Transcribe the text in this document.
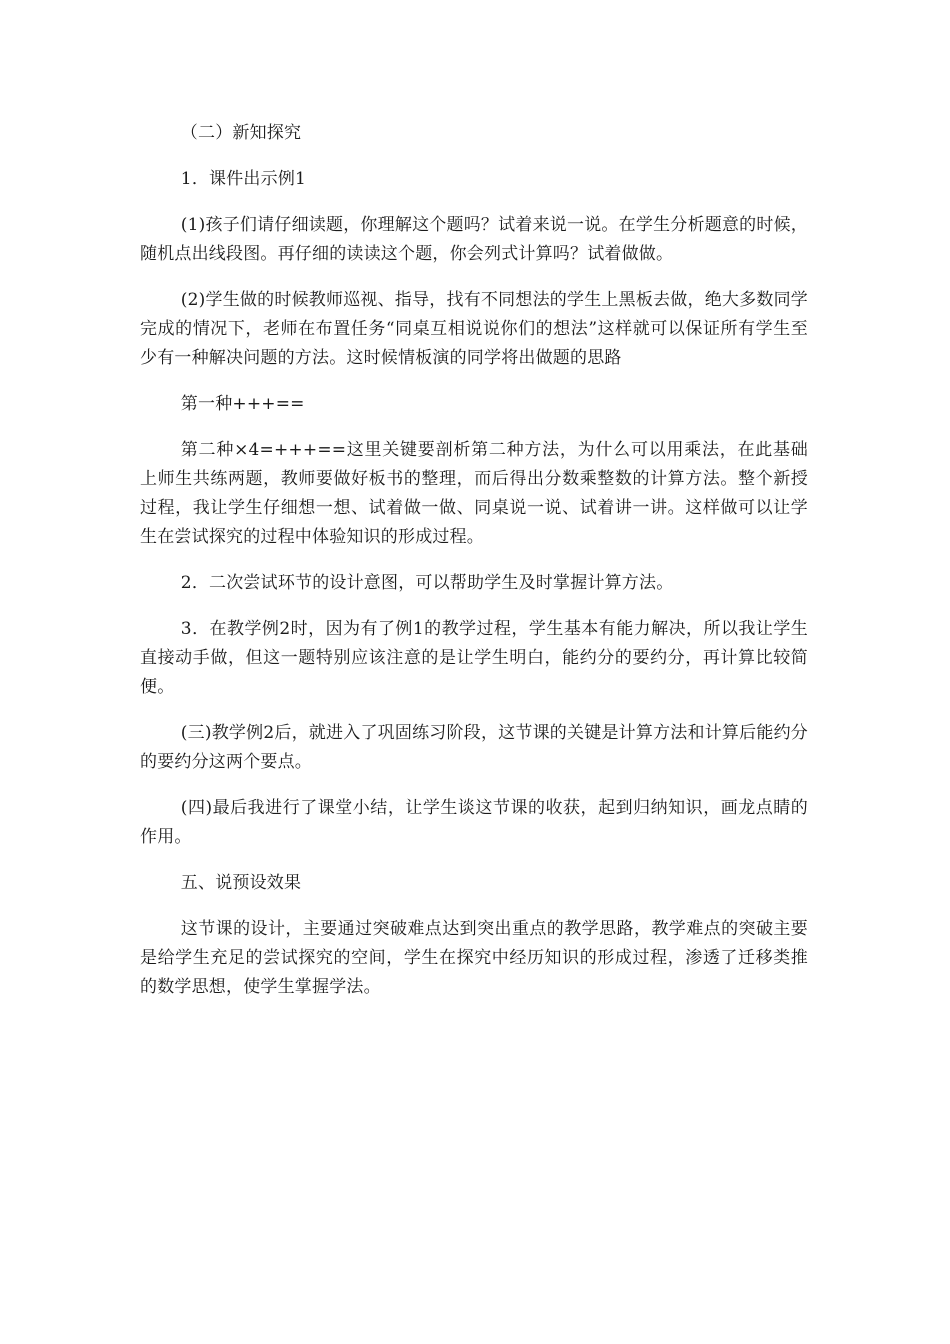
（二）新知探究

1．课件出示例1

(1)孩子们请仔细读题，你理解这个题吗？试着来说一说。在学生分析题意的时候，随机点出线段图。再仔细的读读这个题，你会列式计算吗？试着做做。

(2)学生做的时候教师巡视、指导，找有不同想法的学生上黑板去做，绝大多数同学完成的情况下，老师在布置任务“同桌互相说说你们的想法”这样就可以保证所有学生至少有一种解决问题的方法。这时候情板演的同学将出做题的思路

第一种+++==

第二种×4=+++==这里关键要剖析第二种方法，为什么可以用乘法，在此基础上师生共练两题，教师要做好板书的整理，而后得出分数乘整数的计算方法。整个新授过程，我让学生仔细想一想、试着做一做、同桌说一说、试着讲一讲。这样做可以让学生在尝试探究的过程中体验知识的形成过程。

2．二次尝试环节的设计意图，可以帮助学生及时掌握计算方法。

3．在教学例2时，因为有了例1的教学过程，学生基本有能力解决，所以我让学生直接动手做，但这一题特别应该注意的是让学生明白，能约分的要约分，再计算比较简便。

(三)教学例2后，就进入了巩固练习阶段，这节课的关键是计算方法和计算后能约分的要约分这两个要点。

(四)最后我进行了课堂小结，让学生谈这节课的收获，起到归纳知识，画龙点睛的作用。

五、说预设效果

这节课的设计，主要通过突破难点达到突出重点的教学思路，教学难点的突破主要是给学生充足的尝试探究的空间，学生在探究中经历知识的形成过程，渗透了迁移类推的数学思想，使学生掌握学法。
